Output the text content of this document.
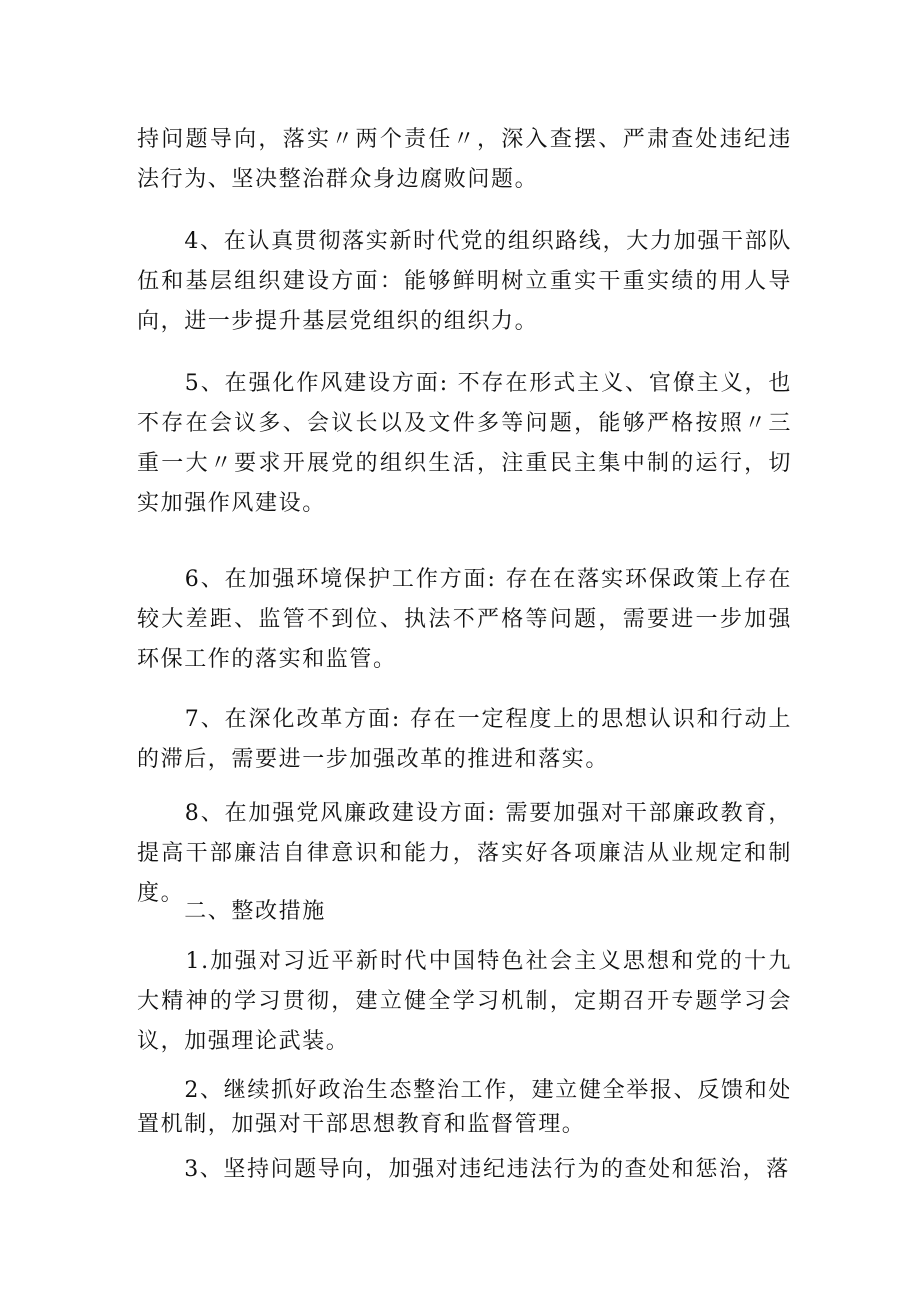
持问题导向，落实〃两个责任〃，深入查摆、严肃查处违纪违法行为、坚决整治群众身边腐败问题。

　　4、在认真贯彻落实新时代党的组织路线，大力加强干部队伍和基层组织建设方面：能够鲜明树立重实干重实绩的用人导向，进一步提升基层党组织的组织力。

　　5、在强化作风建设方面: 不存在形式主义、官僚主义，也不存在会议多、会议长以及文件多等问题，能够严格按照〃三重一大〃要求开展党的组织生活，注重民主集中制的运行，切实加强作风建设。

　　6、在加强环境保护工作方面: 存在在落实环保政策上存在较大差距、监管不到位、执法不严格等问题，需要进一步加强环保工作的落实和监管。

　　7、在深化改革方面: 存在一定程度上的思想认识和行动上的滞后，需要进一步加强改革的推进和落实。

　　8、在加强党风廉政建设方面: 需要加强对干部廉政教育，提高干部廉洁自律意识和能力，落实好各项廉洁从业规定和制度。

　　二、整改措施

　　1.加强对习近平新时代中国特色社会主义思想和党的十九大精神的学习贯彻，建立健全学习机制，定期召开专题学习会议，加强理论武装。

　　2、继续抓好政治生态整治工作，建立健全举报、反馈和处置机制，加强对干部思想教育和监督管理。

　　3、坚持问题导向，加强对违纪违法行为的查处和惩治，落
